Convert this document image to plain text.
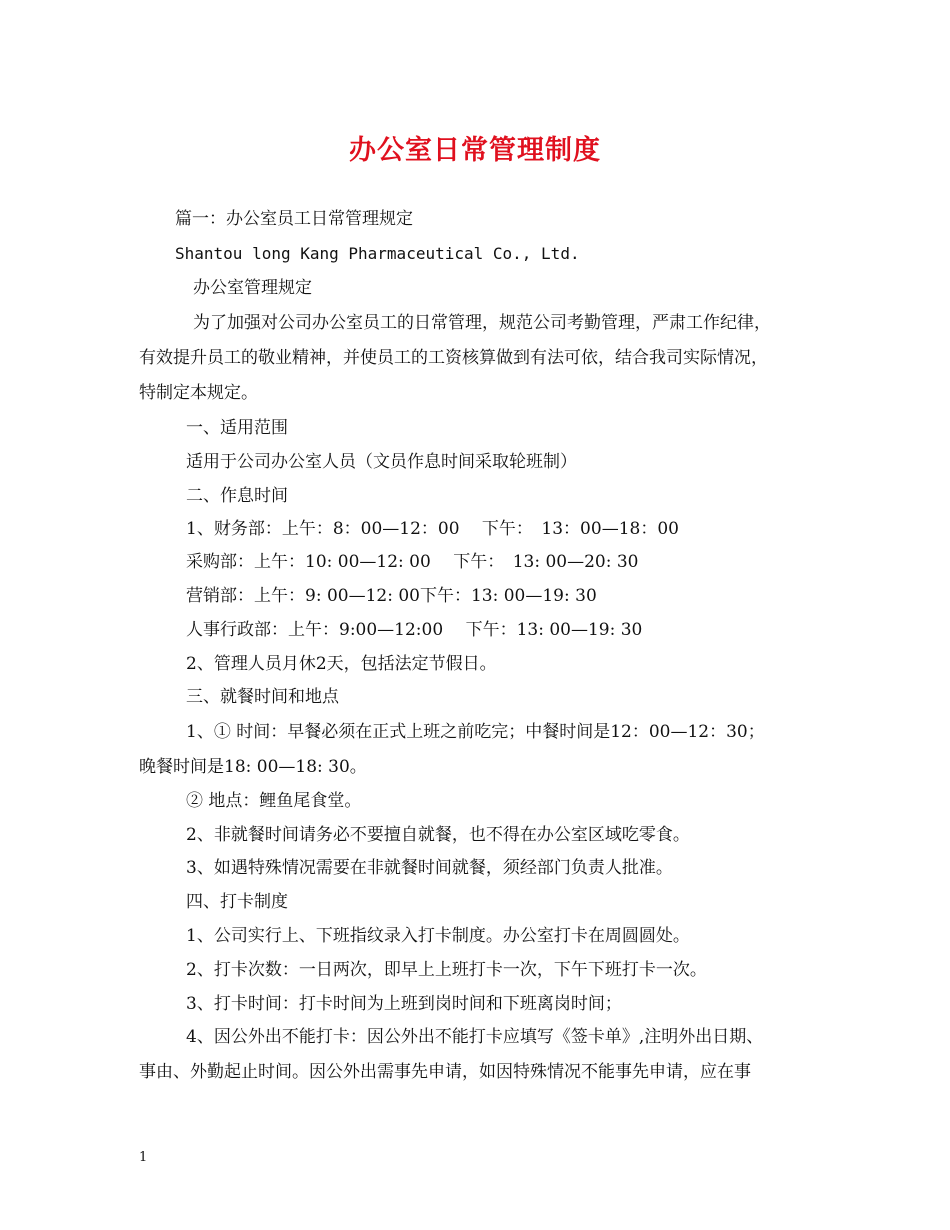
办公室日常管理制度
篇一：办公室员工日常管理规定
Shantou long Kang Pharmaceutical Co., Ltd.
办公室管理规定
为了加强对公司办公室员工的日常管理，规范公司考勤管理，严肃工作纪律，
有效提升员工的敬业精神，并使员工的工资核算做到有法可依，结合我司实际情况，
特制定本规定。
一、适用范围
适用于公司办公室人员（文员作息时间采取轮班制）
二、作息时间
1、财务部：上午：8：00—12：00　 下午：　13：00—18：00
采购部：上午：10: 00—12: 00　 下午：　13: 00—20: 30
营销部：上午：9: 00—12: 00下午：13: 00—19: 30
人事行政部：上午：9:00—12:00　 下午：13: 00—19: 30
2、管理人员月休2天，包括法定节假日。
三、就餐时间和地点
1、① 时间：早餐必须在正式上班之前吃完；中餐时间是12：00—12：30；
晚餐时间是18: 00—18: 30。
② 地点：鲤鱼尾食堂。
2、非就餐时间请务必不要擅自就餐，也不得在办公室区域吃零食。
3、如遇特殊情况需要在非就餐时间就餐，须经部门负责人批准。
四、打卡制度
1、公司实行上、下班指纹录入打卡制度。办公室打卡在周圆圆处。
2、打卡次数：一日两次，即早上上班打卡一次，下午下班打卡一次。
3、打卡时间：打卡时间为上班到岗时间和下班离岗时间；
4、因公外出不能打卡：因公外出不能打卡应填写《签卡单》,注明外出日期、
事由、外勤起止时间。因公外出需事先申请，如因特殊情况不能事先申请，应在事
1
